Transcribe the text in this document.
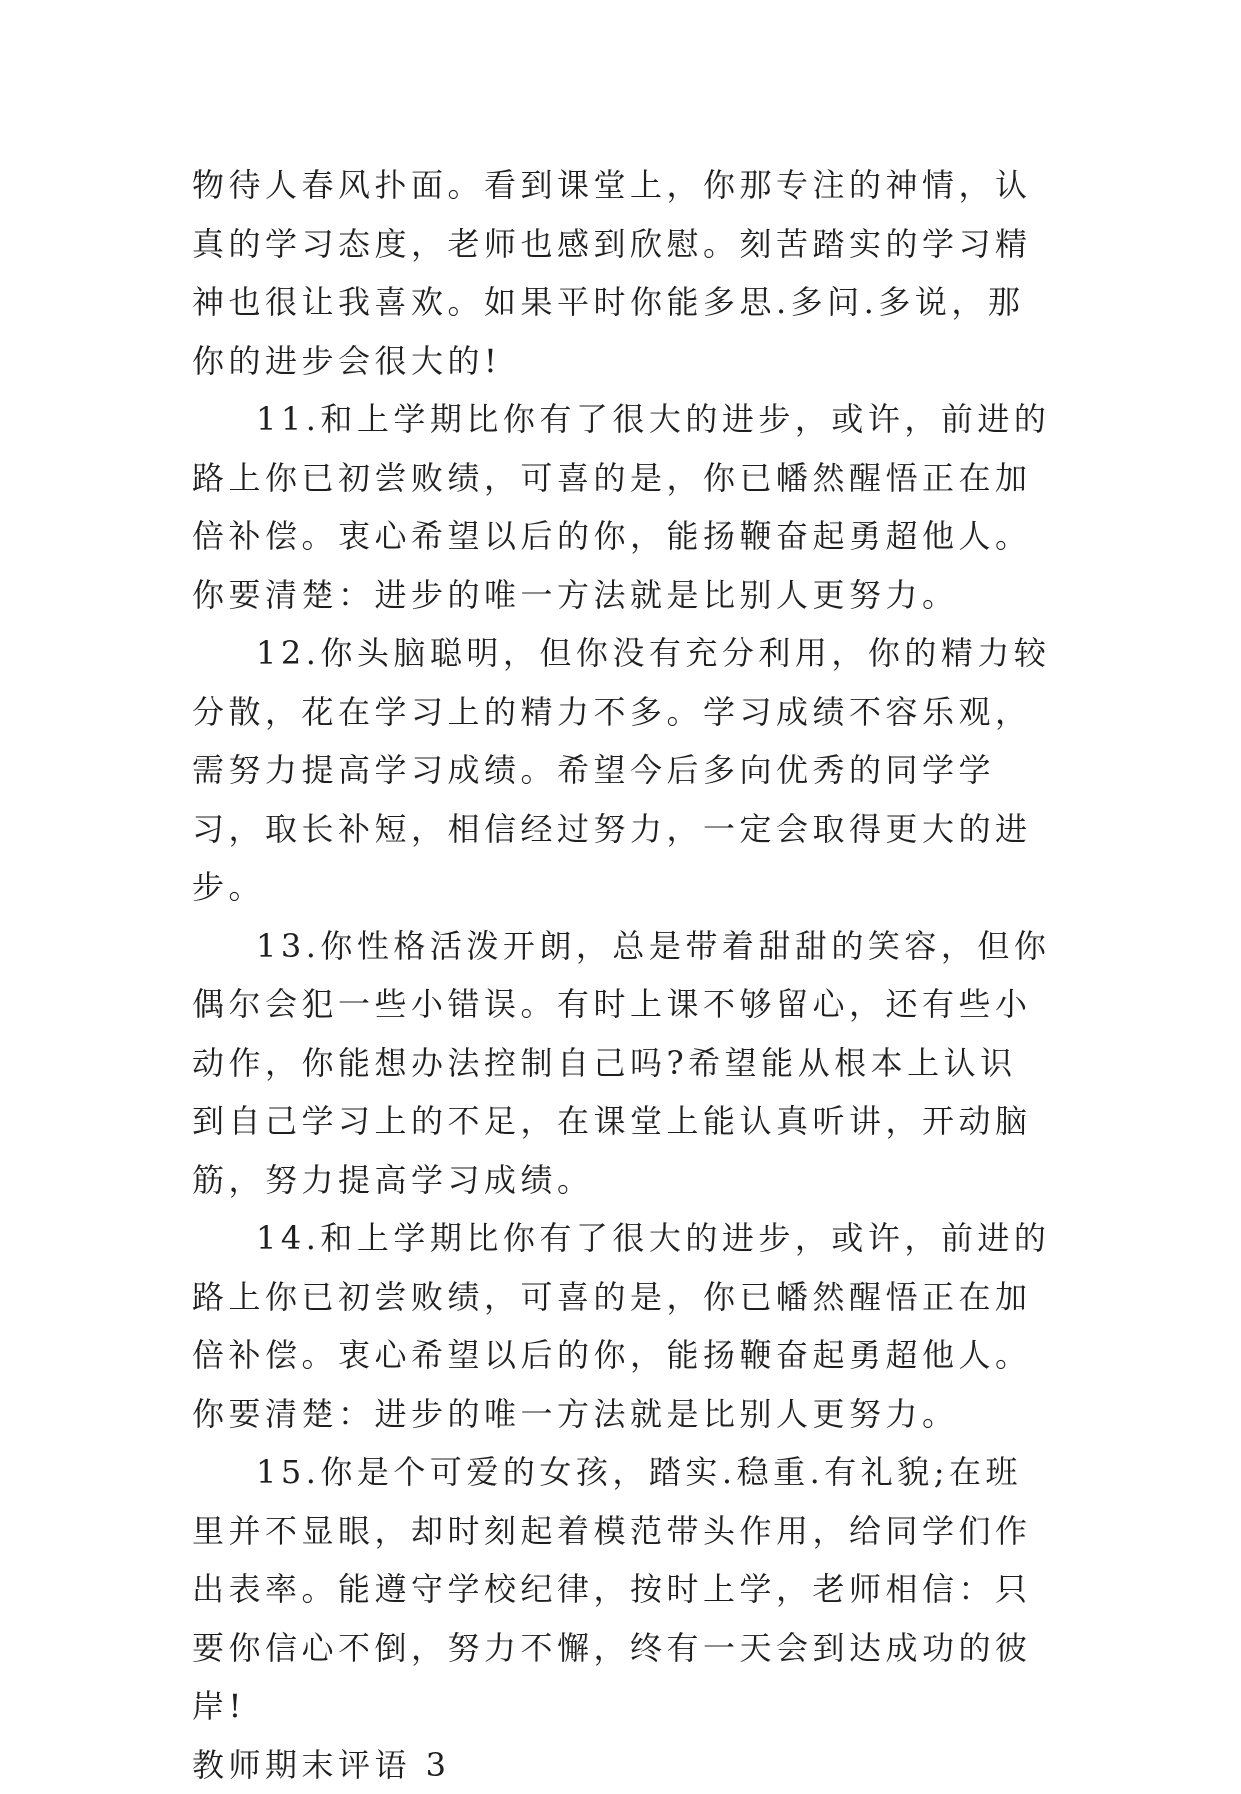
物待人春风扑面。看到课堂上，你那专注的神情，认真的学习态度，老师也感到欣慰。刻苦踏实的学习精神也很让我喜欢。如果平时你能多思.多问.多说，那你的进步会很大的!

11.和上学期比你有了很大的进步，或许，前进的路上你已初尝败绩，可喜的是，你已幡然醒悟正在加倍补偿。衷心希望以后的你，能扬鞭奋起勇超他人。你要清楚：进步的唯一方法就是比别人更努力。

12.你头脑聪明，但你没有充分利用，你的精力较分散，花在学习上的精力不多。学习成绩不容乐观，需努力提高学习成绩。希望今后多向优秀的同学学习，取长补短，相信经过努力，一定会取得更大的进步。

13.你性格活泼开朗，总是带着甜甜的笑容，但你偶尔会犯一些小错误。有时上课不够留心，还有些小动作，你能想办法控制自己吗?希望能从根本上认识到自己学习上的不足，在课堂上能认真听讲，开动脑筋，努力提高学习成绩。

14.和上学期比你有了很大的进步，或许，前进的路上你已初尝败绩，可喜的是，你已幡然醒悟正在加倍补偿。衷心希望以后的你，能扬鞭奋起勇超他人。你要清楚：进步的唯一方法就是比别人更努力。

15.你是个可爱的女孩，踏实.稳重.有礼貌;在班里并不显眼，却时刻起着模范带头作用，给同学们作出表率。能遵守学校纪律，按时上学，老师相信：只要你信心不倒，努力不懈，终有一天会到达成功的彼岸!

教师期末评语 3
